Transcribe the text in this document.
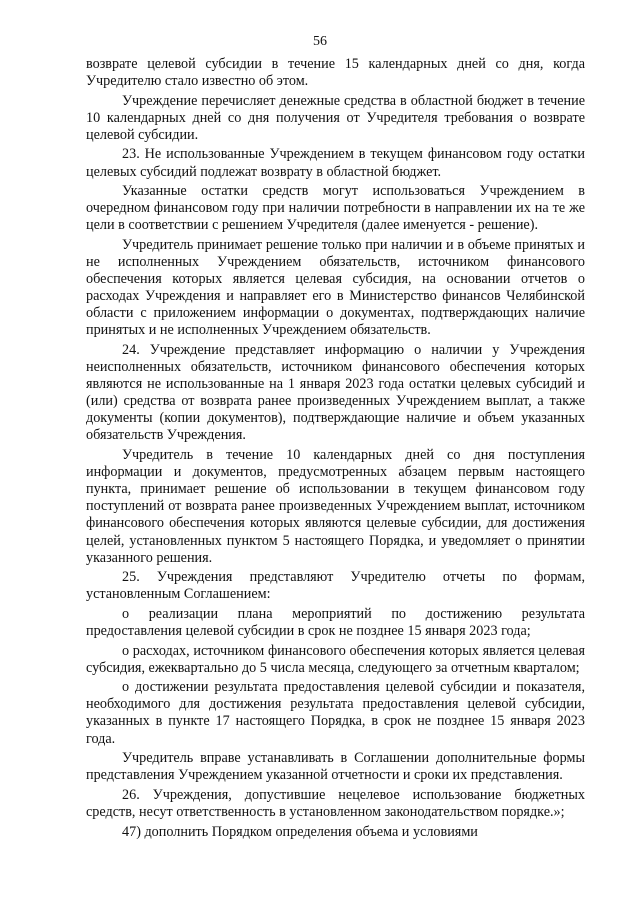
56

возврате целевой субсидии в течение 15 календарных дней со дня, когда Учредителю стало известно об этом.

Учреждение перечисляет денежные средства в областной бюджет в течение 10 календарных дней со дня получения от Учредителя требования о возврате целевой субсидии.

23. Не использованные Учреждением в текущем финансовом году остатки целевых субсидий подлежат возврату в областной бюджет.

Указанные остатки средств могут использоваться Учреждением в очередном финансовом году при наличии потребности в направлении их на те же цели в соответствии с решением Учредителя (далее именуется - решение).

Учредитель принимает решение только при наличии и в объеме принятых и не исполненных Учреждением обязательств, источником финансового обеспечения которых является целевая субсидия, на основании отчетов о расходах Учреждения и направляет его в Министерство финансов Челябинской области с приложением информации о документах, подтверждающих наличие принятых и не исполненных Учреждением обязательств.

24. Учреждение представляет информацию о наличии у Учреждения неисполненных обязательств, источником финансового обеспечения которых являются не использованные на 1 января 2023 года остатки целевых субсидий и (или) средства от возврата ранее произведенных Учреждением выплат, а также документы (копии документов), подтверждающие наличие и объем указанных обязательств Учреждения.

Учредитель в течение 10 календарных дней со дня поступления информации и документов, предусмотренных абзацем первым настоящего пункта, принимает решение об использовании в текущем финансовом году поступлений от возврата ранее произведенных Учреждением выплат, источником финансового обеспечения которых являются целевые субсидии, для достижения целей, установленных пунктом 5 настоящего Порядка, и уведомляет о принятии указанного решения.

25. Учреждения представляют Учредителю отчеты по формам, установленным Соглашением:

о реализации плана мероприятий по достижению результата предоставления целевой субсидии в срок не позднее 15 января 2023 года;

о расходах, источником финансового обеспечения которых является целевая субсидия, ежеквартально до 5 числа месяца, следующего за отчетным кварталом;

о достижении результата предоставления целевой субсидии и показателя, необходимого для достижения результата предоставления целевой субсидии, указанных в пункте 17 настоящего Порядка, в срок не позднее 15 января 2023 года.

Учредитель вправе устанавливать в Соглашении дополнительные формы представления Учреждением указанной отчетности и сроки их представления.

26. Учреждения, допустившие нецелевое использование бюджетных средств, несут ответственность в установленном законодательством порядке.»;

47) дополнить Порядком определения объема и условиями
